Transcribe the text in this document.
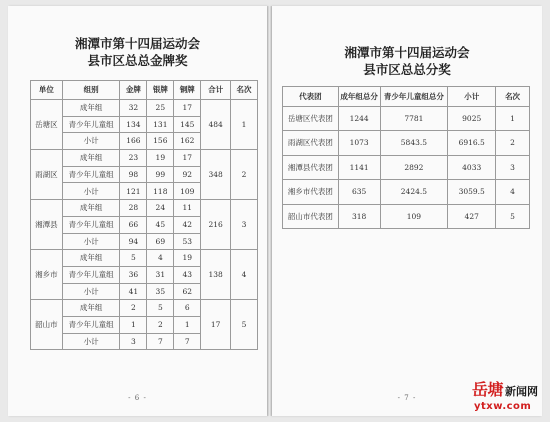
湘潭市第十四届运动会
县市区总总金牌奖
单位	组别	金牌	银牌	铜牌	合计	名次
岳塘区	成年组	32	25	17	484	1
	青少年儿童组	134	131	145		
	小计	166	156	162		
雨湖区	成年组	23	19	17	348	2
	青少年儿童组	98	99	92		
	小计	121	118	109		
湘潭县	成年组	28	24	11	216	3
	青少年儿童组	66	45	42		
	小计	94	69	53		
湘乡市	成年组	5	4	19	138	4
	青少年儿童组	36	31	43		
	小计	41	35	62		
韶山市	成年组	2	5	6	17	5
	青少年儿童组	1	2	1		
	小计	3	7	7		
- 6 -
湘潭市第十四届运动会
县市区总总分奖
代表团	成年组总分	青少年儿童组总分	小计	名次
岳塘区代表团	1244	7781	9025	1
雨湖区代表团	1073	5843.5	6916.5	2
湘潭县代表团	1141	2892	4033	3
湘乡市代表团	635	2424.5	3059.5	4
韶山市代表团	318	109	427	5
- 7 -	岳塘 新闻网
ytxw.com
